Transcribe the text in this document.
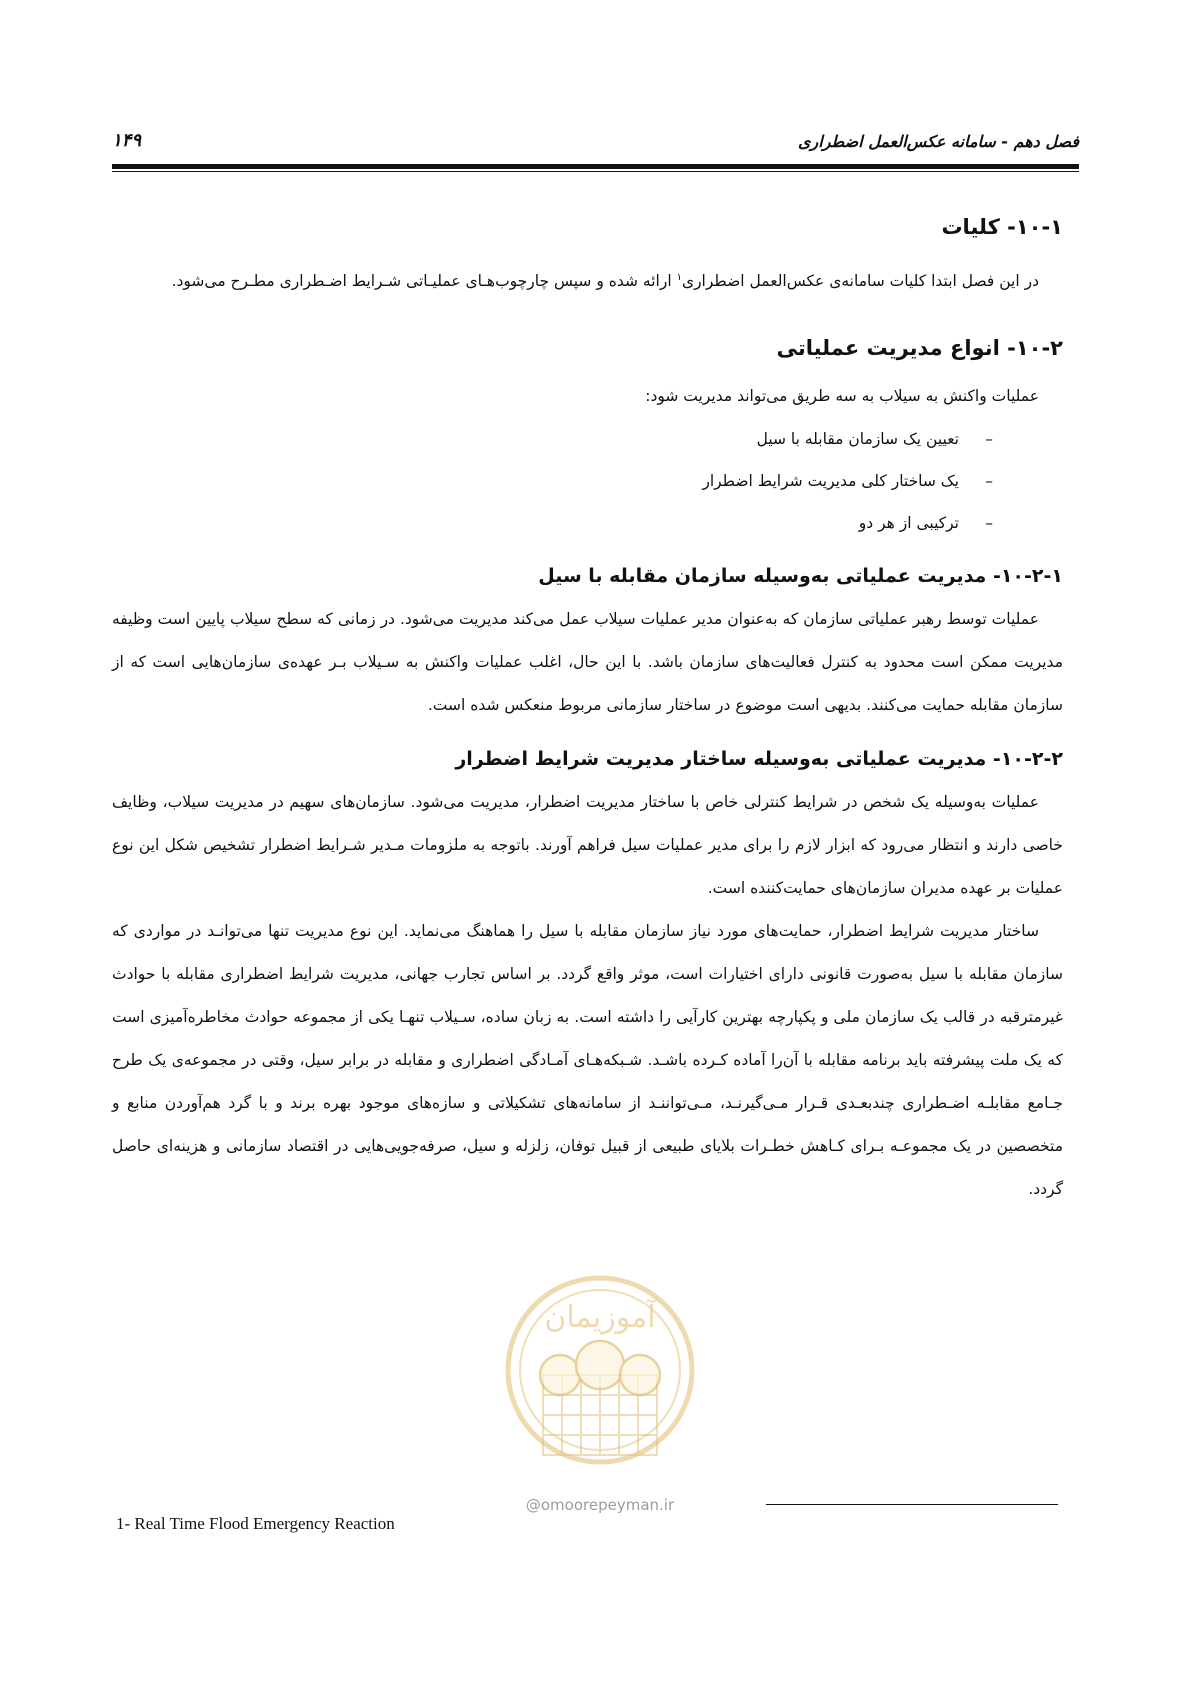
فصل دهم - سامانه عکس‌العمل اضطراری
۱۴۹
۱۰-۱- کلیات

در این فصل ابتدا کلیات سامانه‌ی عکس‌العمل اضطراری$^۱$ ارائه شده و سپس چارچوب‌هـای عملیـاتی شـرایط اضـطراری مطـرح می‌شود.

۱۰-۲- انواع مدیریت عملیاتی

عملیات واکنش به سیلاب به سه طریق می‌تواند مدیریت شود:

–تعیین یک سازمان مقابله با سیل
–یک ساختار کلی مدیریت شرایط اضطرار
–ترکیبی از هر دو
۱۰-۲-۱- مدیریت عملیاتی به‌وسیله سازمان مقابله با سیل

عملیات توسط رهبر عملیاتی سازمان که به‌عنوان مدیر عملیات سیلاب عمل می‌کند مدیریت می‌شود. در زمانی که سطح سیلاب پایین است وظیفه مدیریت ممکن است محدود به کنترل فعالیت‌های سازمان باشد. با این حال، اغلب عملیات واکنش به سـیلاب بـر عهده‌ی سازمان‌هایی است که از سازمان مقابله حمایت می‌کنند. بدیهی است موضوع در ساختار سازمانی مربوط منعکس شده است.

۱۰-۲-۲- مدیریت عملیاتی به‌وسیله ساختار مدیریت شرایط اضطرار

عملیات به‌وسیله یک شخص در شرایط کنترلی خاص با ساختار مدیریت اضطرار، مدیریت می‌شود. سازمان‌های سهیم در مدیریت سیلاب، وظایف خاصی دارند و انتظار می‌رود که ابزار لازم را برای مدیر عملیات سیل فراهم آورند. باتوجه به ملزومات مـدیر شـرایط اضطرار تشخیص شکل این نوع عملیات بر عهده مدیران سازمان‌های حمایت‌کننده است.

ساختار مدیریت شرایط اضطرار، حمایت‌های مورد نیاز سازمان مقابله با سیل را هماهنگ می‌نماید. این نوع مدیریت تنها می‌توانـد در مواردی که سازمان مقابله با سیل به‌صورت قانونی دارای اختیارات است، موثر واقع گردد. بر اساس تجارب جهانی، مدیریت شرایط اضطراری مقابله با حوادث غیرمترقبه در قالب یک سازمان ملی و پکپارچه بهترین کارآیی را داشته است. به زبان ساده، سـیلاب تنهـا یکی از مجموعه حوادث مخاطره‌آمیزی است که یک ملت پیشرفته باید برنامه مقابله با آن‌را آماده کـرده باشـد. شـبکه‌هـای آمـادگی اضطراری و مقابله در برابر سیل، وقتی در مجموعه‌ی یک طرح جـامع مقابلـه اضـطراری چندبعـدی قـرار مـی‌گیرنـد، مـی‌تواننـد از سامانه‌های تشکیلاتی و سازه‌های موجود بهره برند و با گرد هم‌آوردن منابع و متخصصین در یک مجموعـه بـرای کـاهش خطـرات بلایای طبیعی از قبیل توفان، زلزله و سیل، صرفه‌جویی‌هایی در اقتصاد سازمانی و هزینه‌ای حاصل گردد.

آموزیمان
@omoorepeyman.ir
1- Real Time Flood Emergency Reaction
